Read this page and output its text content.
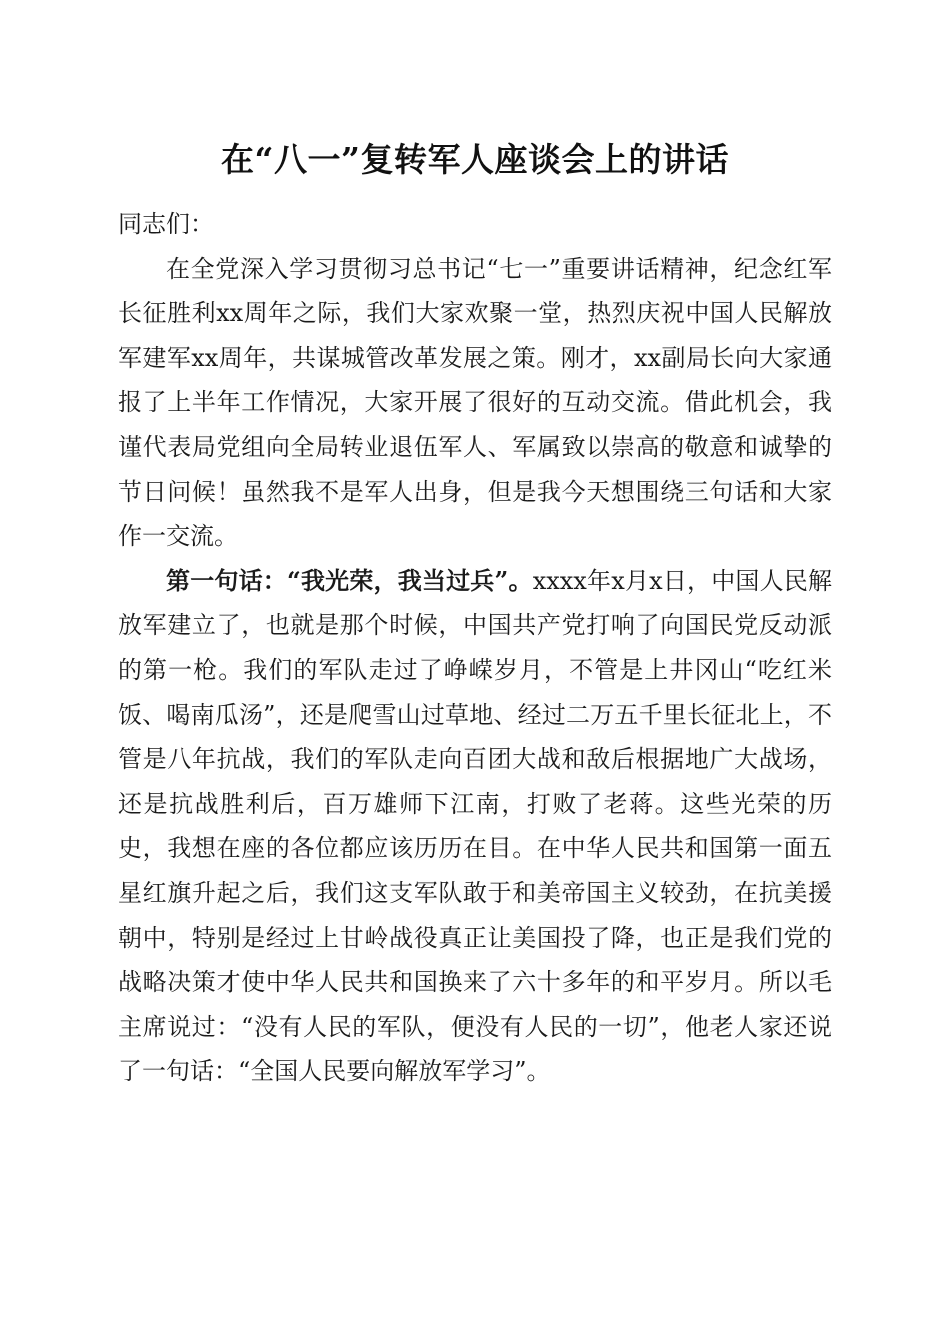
在“八一”复转军人座谈会上的讲话

同志们：

在全党深入学习贯彻习总书记“七一”重要讲话精神，纪念红军长征胜利xx周年之际，我们大家欢聚一堂，热烈庆祝中国人民解放军建军xx周年，共谋城管改革发展之策。刚才，xx副局长向大家通报了上半年工作情况，大家开展了很好的互动交流。借此机会，我谨代表局党组向全局转业退伍军人、军属致以崇高的敬意和诚挚的节日问候！虽然我不是军人出身，但是我今天想围绕三句话和大家作一交流。

第一句话：“我光荣，我当过兵”。xxxx年x月x日，中国人民解放军建立了，也就是那个时候，中国共产党打响了向国民党反动派的第一枪。我们的军队走过了峥嵘岁月，不管是上井冈山“吃红米饭、喝南瓜汤”，还是爬雪山过草地、经过二万五千里长征北上，不管是八年抗战，我们的军队走向百团大战和敌后根据地广大战场，还是抗战胜利后，百万雄师下江南，打败了老蒋。这些光荣的历史，我想在座的各位都应该历历在目。在中华人民共和国第一面五星红旗升起之后，我们这支军队敢于和美帝国主义较劲，在抗美援朝中，特别是经过上甘岭战役真正让美国投了降，也正是我们党的战略决策才使中华人民共和国换来了六十多年的和平岁月。所以毛主席说过：“没有人民的军队，便没有人民的一切”，他老人家还说了一句话：“全国人民要向解放军学习”。
